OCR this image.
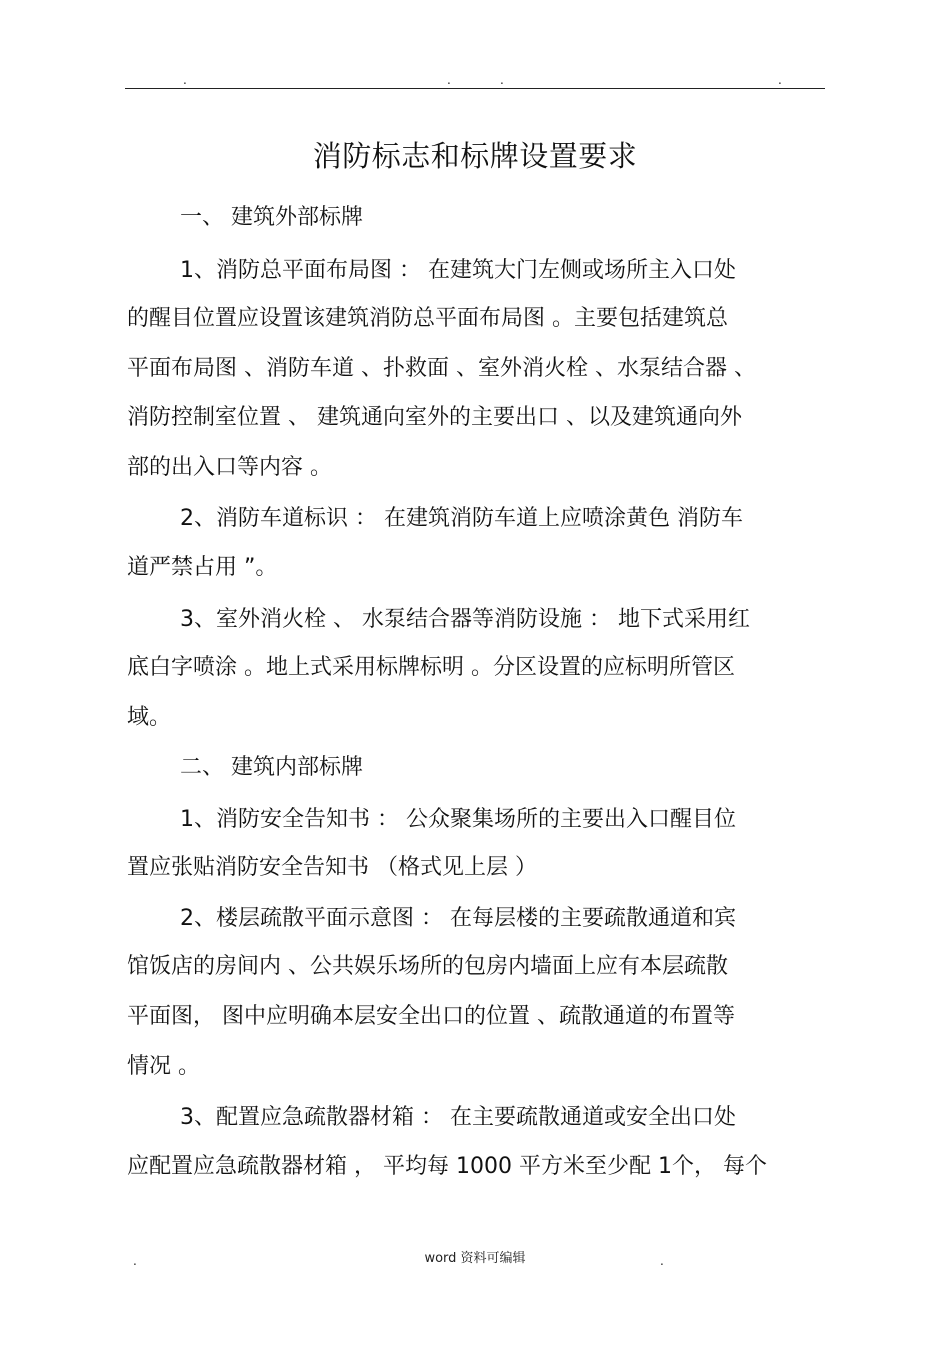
.	.	.	.
消防标志和标牌设置要求
一、 建筑外部标牌
1、消防总平面布局图 ： 在建筑大门左侧或场所主入口处
的醒目位置应设置该建筑消防总平面布局图 。主要包括建筑总
平面布局图 、消防车道 、扑救面 、室外消火栓 、水泵结合器 、
消防控制室位置 、 建筑通向室外的主要出口 、以及建筑通向外
部的出入口等内容 。
2、消防车道标识 ： 在建筑消防车道上应喷涂黄色 消防车
道严禁占用 ”。
3、室外消火栓 、 水泵结合器等消防设施 ： 地下式采用红
底白字喷涂 。地上式采用标牌标明 。分区设置的应标明所管区
域。
二、 建筑内部标牌
1、消防安全告知书 ： 公众聚集场所的主要出入口醒目位
置应张贴消防安全告知书 （格式见上层 ）
2、楼层疏散平面示意图 ： 在每层楼的主要疏散通道和宾
馆饭店的房间内 、公共娱乐场所的包房内墙面上应有本层疏散
平面图， 图中应明确本层安全出口的位置 、疏散通道的布置等
情况 。
3、配置应急疏散器材箱 ： 在主要疏散通道或安全出口处
应配置应急疏散器材箱 ， 平均每 1000 平方米至少配 1个， 每个
.	word 资料可编辑	.
